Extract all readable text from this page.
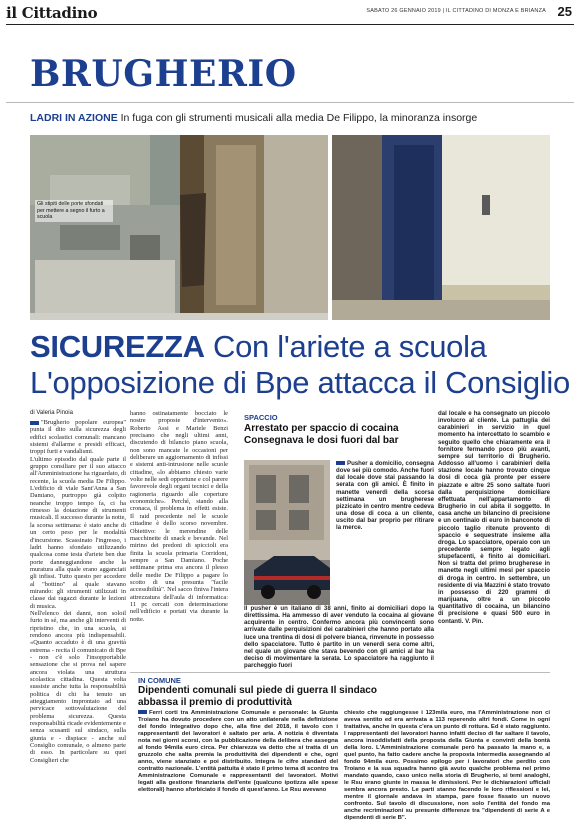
il Cittadino	SABATO 26 GENNAIO 2019 | IL CITTADINO DI MONZA E BRIANZA 25
BRUGHERIO
LADRI IN AZIONE In fuga con gli strumenti musicali alla media De Filippo, la minoranza insorge
Gli stipiti delle porte sfondati per mettere a segno il furto a scuola
SICUREZZA Con l'ariete a scuola
L'opposizione di Bpe attacca il Consiglio
di Valeria Pinoia

"Brugherio popolare europea" punta il dito sulla sicurezza degli edifici scolastici comunali: mancano sistemi d'allarme e presidi efficaci, troppi furti e vandalismi.

L'ultimo episodio dal quale parte il gruppo consiliare per il suo attacco all'Amministrazione ha riguardato, di recente, la scuola media De Filippo. L'edificio di viale Sant'Anna a San Damiano, purtroppo già colpito neanche troppo tempo fa, ci ha rimesso la dotazione di strumenti musicali. Il successo durante la notte, la scorsa settimana: è stato anche di un certo peso per le modalità d'incursione. Scassinato l'ingresso, i ladri hanno sfondato utilizzando qualcosa come testa d'ariete ben due porte danneggiandone anche la muratura alla quale erano agganciati gli infissi. Tutto questo per accedere al "bottino" al quale stavano mirando: gli strumenti utilizzati in classe dai ragazzi durante le lezioni di musica.

Nell'elenco dei danni, non soloil furto in sé, ma anche gli interventi di ripristino che, in una scuola, si rendono ancora più indispensabili. «Quanto accaduto è di una gravità estrema - recita il comunicato di Bpe - non c'è solo l'insopportabile sensazione che si prova nel sapere ancora violata una struttura scolastica cittadina. Questa volta sussiste anche tutta la responsabilità politica di chi ha tenuto un atteggiamento improntato ad una pervicace sottovalutazione del problema sicurezza. Questa responsabilità ricade evidentemente e senza scusanti sul sindaco, sulla giunta e - dispiace - anche sul Consiglio comunale, o almeno parte di esso. In particolare su quei Consiglieri che

hanno ostinatamente bocciato le nostre proposte d'intervento». Roberto Assi e Mariele Benzi precisano che negli ultimi anni, discutendo di bilancio piano scuola, non sono mancate le occasioni per deliberare un aggiornamento di infissi e sistemi anti-intrusione nelle scuole cittadine, «lo abbiamo chiesto varie volte nelle sedi opportune e col parere favorevole degli organi tecnici e della ragioneria riguardo alle coperture economiche». Perché, stando alla cronaca, il problema in effetti esiste. Il raid precedente nel le scuole cittadine è dello scorso novembre. Obiettivo: le merendine delle macchinette di snack e bevande. Nel mirino dei predoni di spiccioli era finita la scuola primaria Corridoni, sempre a San Damiano. Poche settimane prima era ancora il plesso delle medie De Filippo a pagare lo scotto di una presunta "facile accessibilità". Nel sacco finiva l'intera attrezzatura dell'aula di informatica: 11 pc cercati con determinazione nell'edificio e portati via durante la notte.

SPACCIO
Arrestato per spaccio di cocaina Consegnava le dosi fuori dal bar
Pusher a domicilio, consegna dove sei più comodo. Anche fuori dal locale dove stai passando la serata con gli amici. È finito in manette venerdì della scorsa settimana un brugherese pizzicato in centro mentre cedeva una dose di coca a un cliente, uscito dal bar proprio per ritirare la merce.
Il pusher è un italiano di 38 anni, finito ai domiciliari dopo la direttissima. Ha ammesso di aver venduto la cocaina al giovane acquirente in centro. Confermo ancora più convincenti sono arrivate dalle perquisizioni dei carabinieri che hanno portato alla luce una trentina di dosi di polvere bianca, rinvenute in possesso dello spacciatore. Tutto è partito in un venerdì sera come altri, nel quale un giovane che stava bevendo con gli amici al bar ha deciso di movimentare la serata. Lo spacciatore ha raggiunto il parcheggio fuori
dal locale e ha consegnato un piccolo involucro al cliente. La pattuglia dei carabinieri in servizio in quel momento ha intercettato lo scambio e seguito quello che chiaramente era il fornitore fermando poco più avanti, sempre sul territorio di Brugherio. Addosso all'uomo i carabinieri della stazione locale hanno trovato cinque dosi di coca già pronte per essere piazzate e altre 25 sono saltate fuori dalla perquisizione domiciliare effettuata nell'appartamento di Brugherio in cui abita il soggetto. In casa anche un bilancino di precisione e un centinaio di euro in banconote di piccolo taglio ritenute provento di spaccio e sequestrate insieme alla droga. Lo spacciatore, operaio con un precedente sempre legato agli stupefacenti, è finito ai domiciliari. Non si tratta del primo brugherese in manette negli ultimi mesi per spaccio di droga in centro. In settembre, un residente di via Mazzini è stato trovato in possesso di 220 grammi di marijuana, oltre a un piccolo quantitativo di cocaina, un bilancino di precisione e quasi 500 euro in contanti. V. Pin.
IN COMUNE
Dipendenti comunali sul piede di guerra Il sindaco abbassa il premio di produttività
Ferri corti tra Amministrazione Comunale e personale: la Giunta Troiano ha dovuto procedere con un atto unilaterale nella definizione del fondo integrativo dopo che, alla fine del 2018, il tavolo con i rappresentanti dei lavoratori è saltato per aria. A notizia è diventata nota nei giorni scorsi, con la pubblicazione della delibera che assegna al fondo 94mila euro circa. Per chiarezza va detto che si tratta di un gruzzolo che salta premia la produttività dei dipendenti e che, ogni anno, viene stanziato e poi distribuito. Integra le cifre standard del contratto nazionale. L'entità pattuita è stato il primo tema di scontro tra Amministrazione Comunale e rappresentanti dei lavoratori. Motivi legati alla gestione finanziaria dell'ente (qualcuno ipotizza alle spese elettorali) hanno sforbiciato il fondo di quest'anno. Le Rsu avevano
chiesto che raggiungesse i 123mila euro, ma l'Amministrazione non ci aveva sentito ed era arrivata a 113 reperendo altri fondi. Come in ogni trattativa, anche in questa c'era un punto di rottura. Ed è stato raggiunto. I rappresentanti dei lavoratori hanno infatti deciso di far saltare il tavolo, ancora insoddisfatti della proposta della Giunta e convinti della bontà della loro. L'Amministrazione comunale però ha passato la mano e, a quel punto, ha fatto cadere anche la proposta intermedia assegnando al fondo 94mila euro. Possimo epilogo per i lavoratori che perdito con Troiano e la sua squadra hanno già avuto qualche problema nel primo mandato quando, caso unico nella storia di Brugherio, si temi analoghi, le Rsu erano giunte in massa le dimissioni. Per le dichiarazioni ufficiali sembra ancora presto. Le parti stanno facendo le loro riflessioni e lei, mentre il giornale andava in stampa, pare fosse fissato un nuovo confronto. Sul tavolo di discussione, non solo l'entità del fondo ma anche recriminazioni su presunte differenze tra "dipendenti di serie A e dipendenti di serie B".
